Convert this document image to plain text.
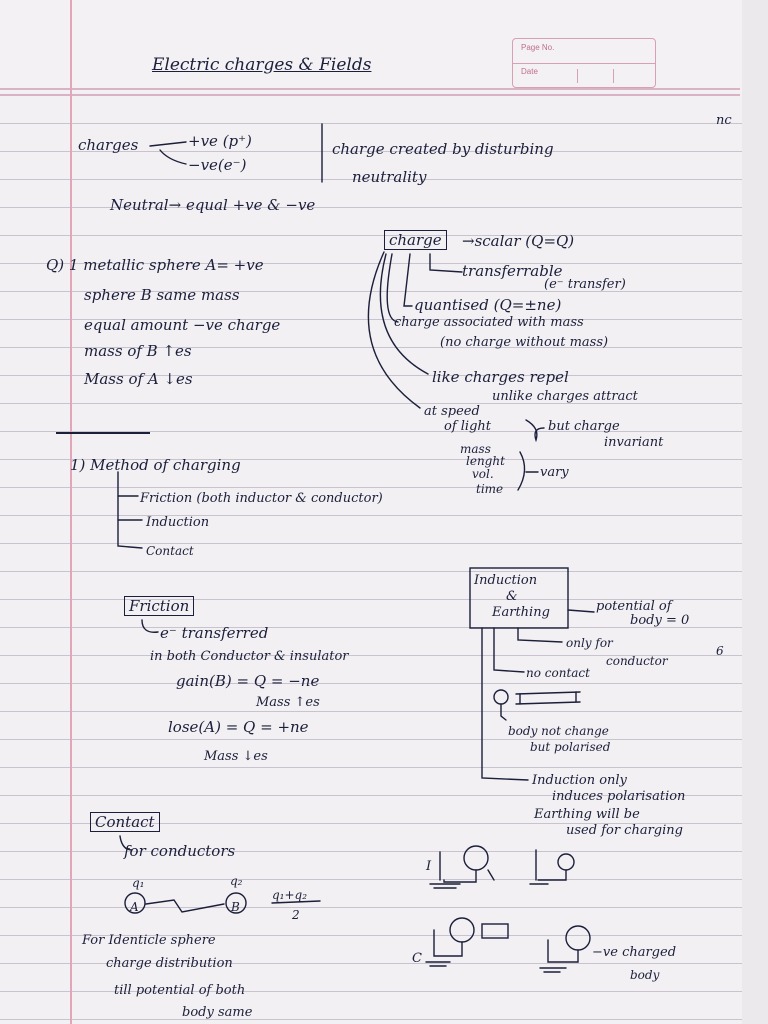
Page No.
Date
Electric charges & Fields
nc
charges	+ve (p⁺)
−ve(e⁻)
Neutral→ equal +ve & −ve
charge created by disturbing
neutrality
Q) 1 metallic sphere A= +ve
sphere B same mass
equal amount −ve charge
mass of B ↑es
Mass of A ↓es
charge	→scalar (Q=Q)
transferrable
(e⁻ transfer)
quantised (Q=±ne)
charge associated with mass
(no charge without mass)
like charges repel
unlike charges attract
at speed
of light	but charge
invariant
mass
lenght
vol.
time
vary
1) Method of charging
Friction (both inductor & conductor)
Induction
Contact
Friction
e⁻ transferred
in both Conductor & insulator
gain(B) = Q = −ne
Mass ↑es
lose(A) = Q = +ne
Mass ↓es
Induction
&
Earthing	potential of
body = 0
only for
conductor
no contact
body not change
but polarised
Induction only
induces polarisation
Earthing will be
used for charging
Contact
for conductors
q₁	q₂
A	B
q₁+q₂
2
For Identicle sphere
charge distribution
till potential of both
body same
I
C	−ve charged
body
6
